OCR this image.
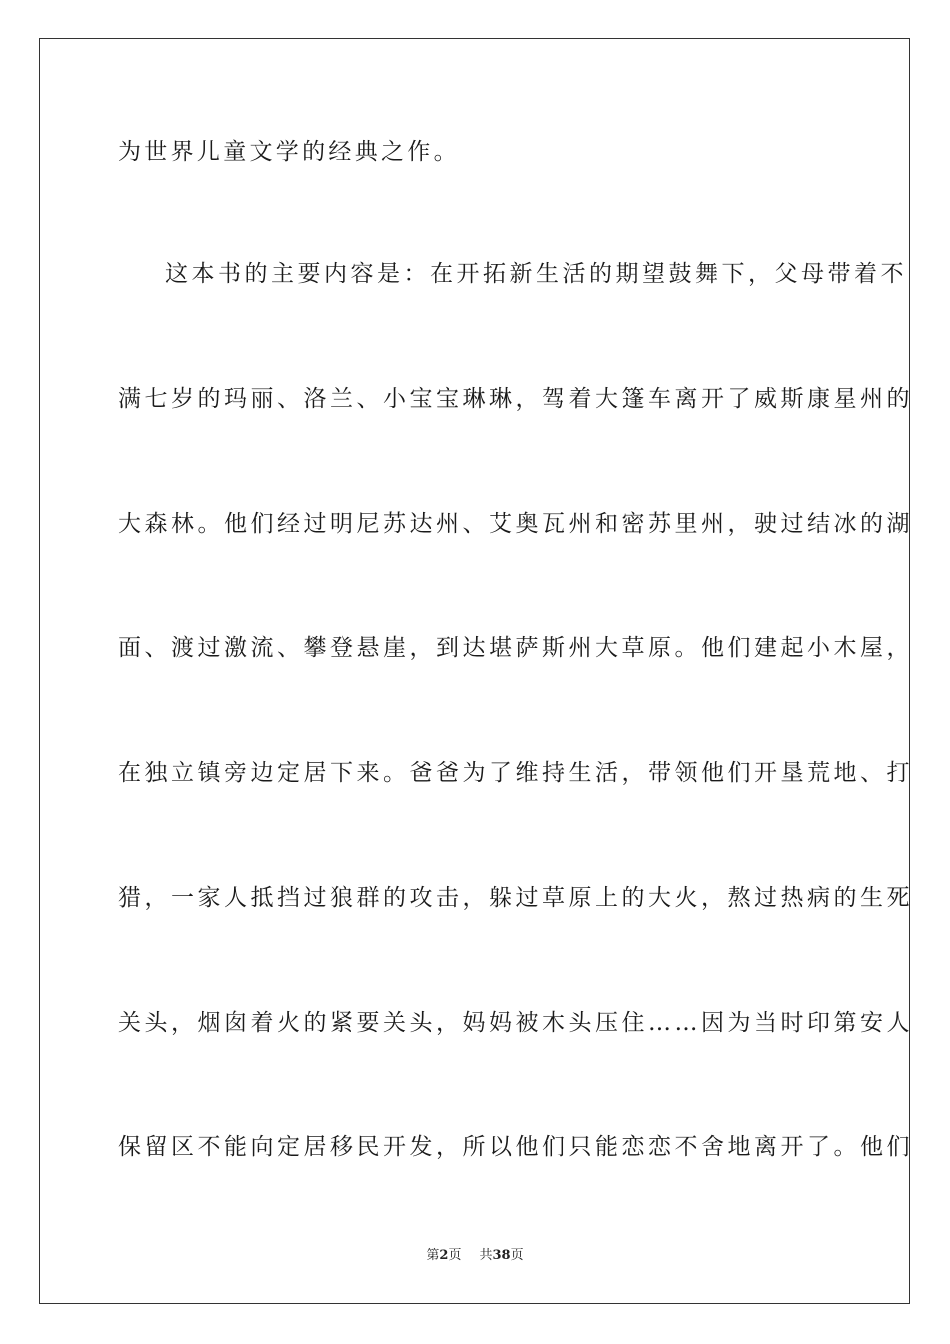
为世界儿童文学的经典之作。
这本书的主要内容是：在开拓新生活的期望鼓舞下，父母带着不
满七岁的玛丽、洛兰、小宝宝琳琳，驾着大篷车离开了威斯康星州的
大森林。他们经过明尼苏达州、艾奥瓦州和密苏里州，驶过结冰的湖
面、渡过激流、攀登悬崖，到达堪萨斯州大草原。他们建起小木屋，
在独立镇旁边定居下来。爸爸为了维持生活，带领他们开垦荒地、打
猎，一家人抵挡过狼群的攻击，躲过草原上的大火，熬过热病的生死
关头，烟囱着火的紧要关头，妈妈被木头压住……因为当时印第安人
保留区不能向定居移民开发，所以他们只能恋恋不舍地离开了。他们
第2页 共38页
